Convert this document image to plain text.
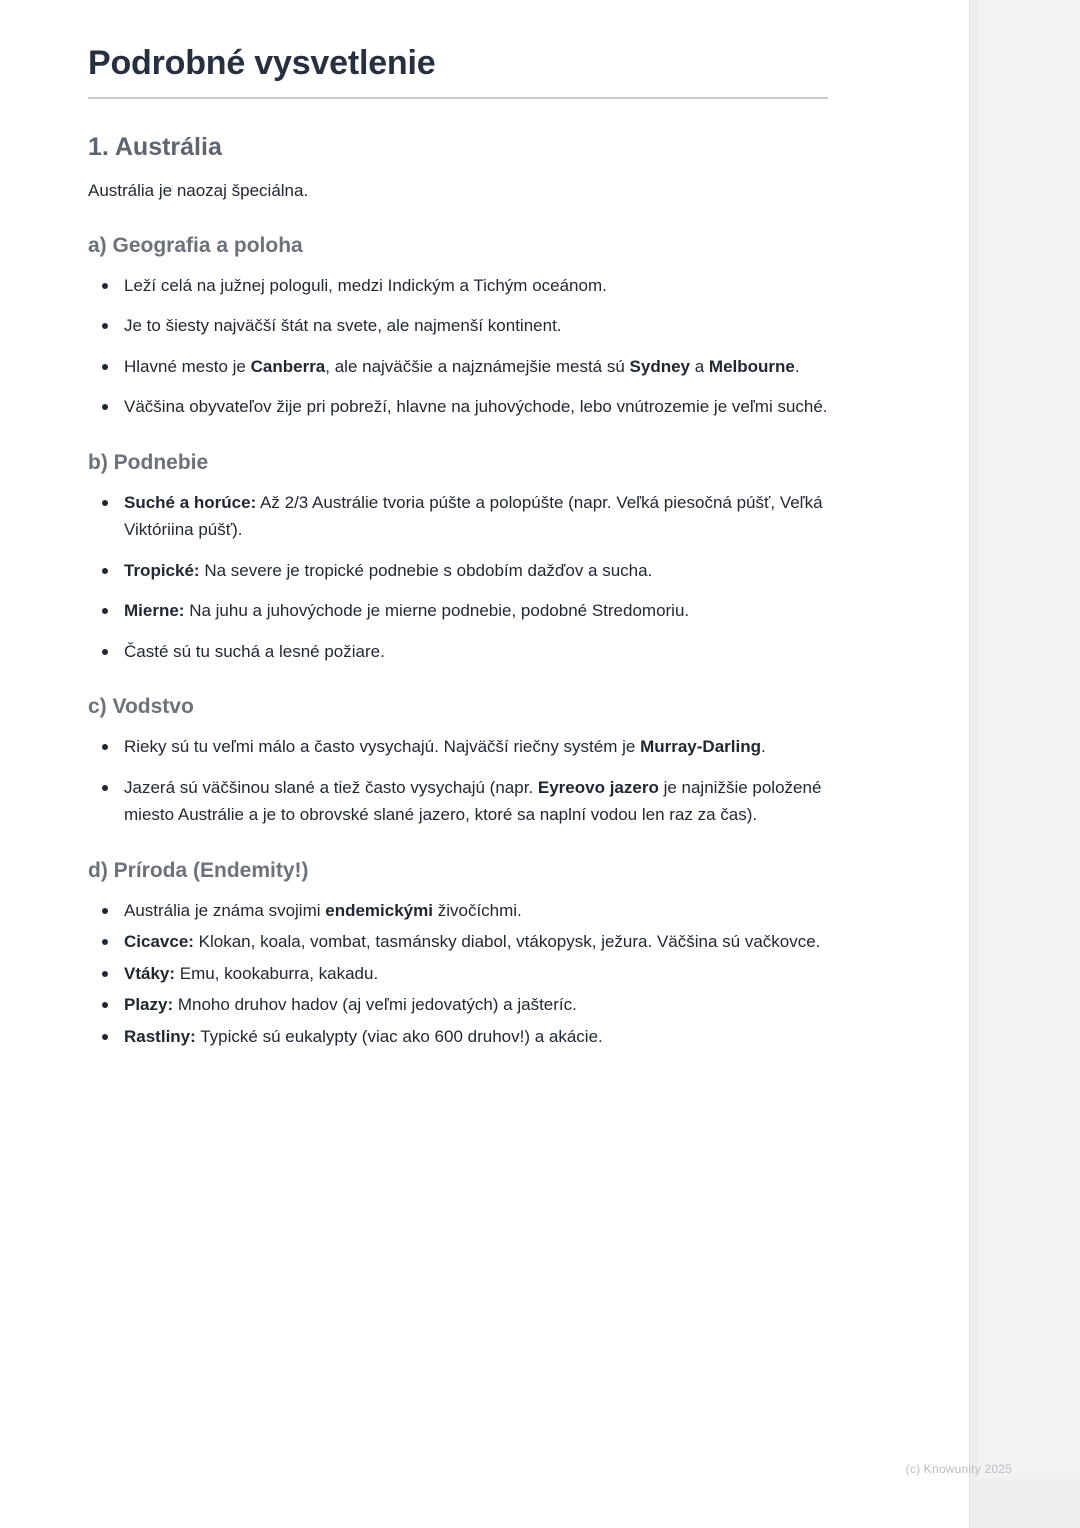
Podrobné vysvetlenie
1. Austrália

Austrália je naozaj špeciálna.

a) Geografia a poloha
Leží celá na južnej pologuli, medzi Indickým a Tichým oceánom.
Je to šiesty najväčší štát na svete, ale najmenší kontinent.
Hlavné mesto je Canberra, ale najväčšie a najznámejšie mestá sú Sydney a Melbourne.
Väčšina obyvateľov žije pri pobreží, hlavne na juhovýchode, lebo vnútrozemie je veľmi suché.
b) Podnebie
Suché a horúce: Až 2/3 Austrálie tvoria púšte a polopúšte (napr. Veľká piesočná púšť, Veľká Viktóriina púšť).
Tropické: Na severe je tropické podnebie s obdobím dažďov a sucha.
Mierne: Na juhu a juhovýchode je mierne podnebie, podobné Stredomoriu.
Časté sú tu suchá a lesné požiare.
c) Vodstvo
Rieky sú tu veľmi málo a často vysychajú. Najväčší riečny systém je Murray-Darling.
Jazerá sú väčšinou slané a tiež často vysychajú (napr. Eyreovo jazero je najnižšie položené miesto Austrálie a je to obrovské slané jazero, ktoré sa naplní vodou len raz za čas).
d) Príroda (Endemity!)
Austrália je známa svojimi endemickými živočíchmi.
Cicavce: Klokan, koala, vombat, tasmánsky diabol, vtákopysk, ježura. Väčšina sú vačkovce.
Vtáky: Emu, kookaburra, kakadu.
Plazy: Mnoho druhov hadov (aj veľmi jedovatých) a jašteríc.
Rastliny: Typické sú eukalypty (viac ako 600 druhov!) a akácie.
(c) Knowunity 2025
